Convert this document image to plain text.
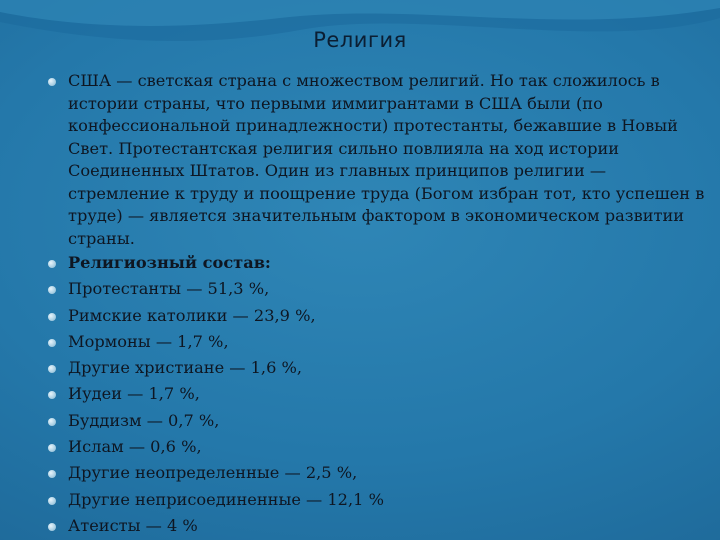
Религия
США — светская страна с множеством религий. Но так сложилось в истории страны, что первыми иммигрантами в США были (по конфессиональной принадлежности) протестанты, бежавшие в Новый Свет. Протестантская религия сильно повлияла на ход истории Соединенных Штатов. Один из главных принципов религии — стремление к труду и поощрение труда (Богом избран тот, кто успешен в труде) — является значительным фактором в экономическом развитии страны.
Религиозный состав:
Протестанты — 51,3 %,
Римские католики — 23,9 %,
Мормоны — 1,7 %,
Другие христиане — 1,6 %,
Иудеи — 1,7 %,
Буддизм — 0,7 %,
Ислам — 0,6 %,
Другие неопределенные — 2,5 %,
Другие неприсоединенные — 12,1 %
Атеисты — 4 %
